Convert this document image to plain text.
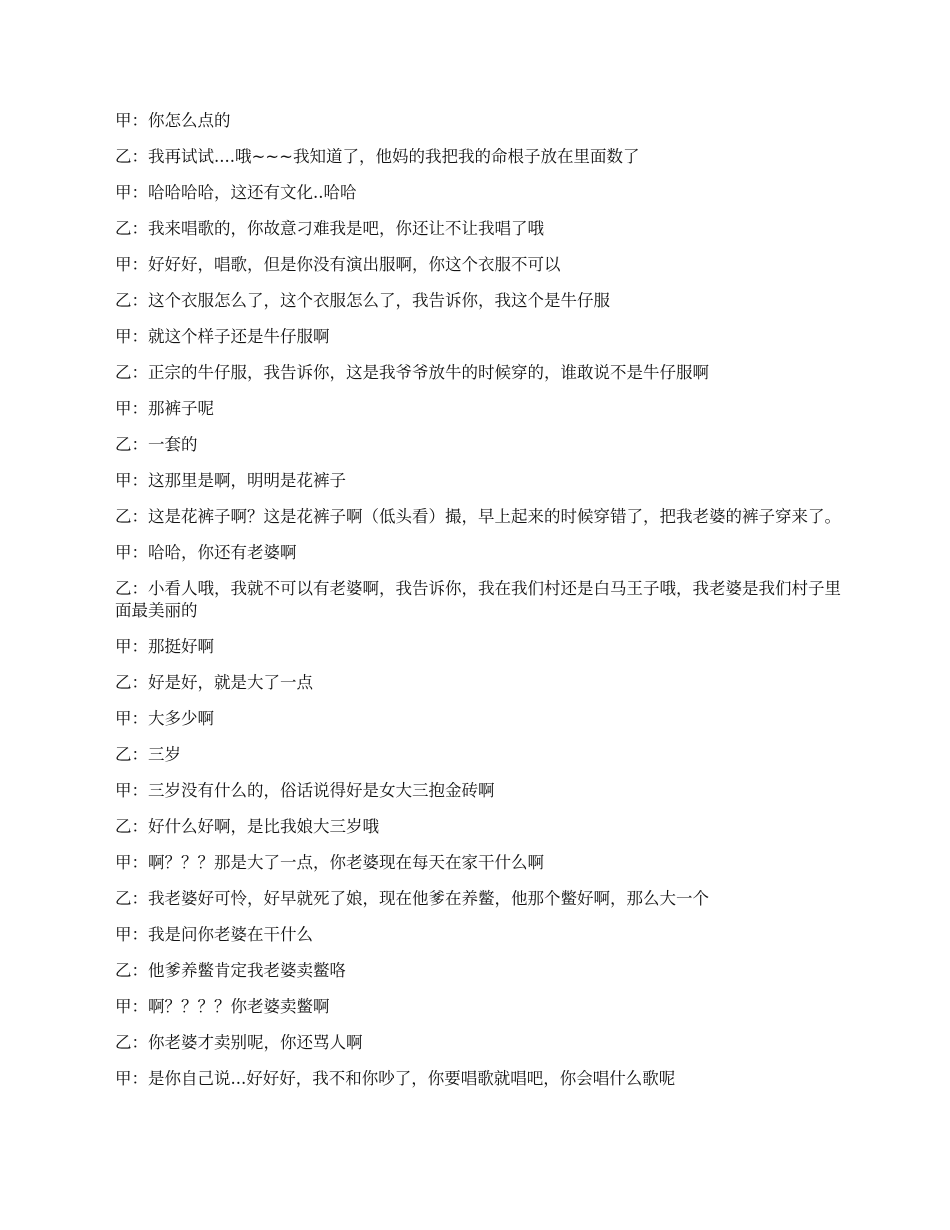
甲：你怎么点的

乙：我再试试....哦~~~我知道了，他妈的我把我的命根子放在里面数了

甲：哈哈哈哈，这还有文化..哈哈

乙：我来唱歌的，你故意刁难我是吧，你还让不让我唱了哦

甲：好好好，唱歌，但是你没有演出服啊，你这个衣服不可以

乙：这个衣服怎么了，这个衣服怎么了，我告诉你，我这个是牛仔服

甲：就这个样子还是牛仔服啊

乙：正宗的牛仔服，我告诉你，这是我爷爷放牛的时候穿的，谁敢说不是牛仔服啊

甲：那裤子呢

乙：一套的

甲：这那里是啊，明明是花裤子

乙：这是花裤子啊？这是花裤子啊（低头看）撮，早上起来的时候穿错了，把我老婆的裤子穿来了。

甲：哈哈，你还有老婆啊

乙：小看人哦，我就不可以有老婆啊，我告诉你，我在我们村还是白马王子哦，我老婆是我们村子里面最美丽的

甲：那挺好啊

乙：好是好，就是大了一点

甲：大多少啊

乙：三岁

甲：三岁没有什么的，俗话说得好是女大三抱金砖啊

乙：好什么好啊，是比我娘大三岁哦

甲：啊？？？那是大了一点，你老婆现在每天在家干什么啊

乙：我老婆好可怜，好早就死了娘，现在他爹在养鳖，他那个鳖好啊，那么大一个

甲：我是问你老婆在干什么

乙：他爹养鳖肯定我老婆卖鳖咯

甲：啊？？？？你老婆卖鳖啊

乙：你老婆才卖别呢，你还骂人啊

甲：是你自己说...好好好，我不和你吵了，你要唱歌就唱吧，你会唱什么歌呢
